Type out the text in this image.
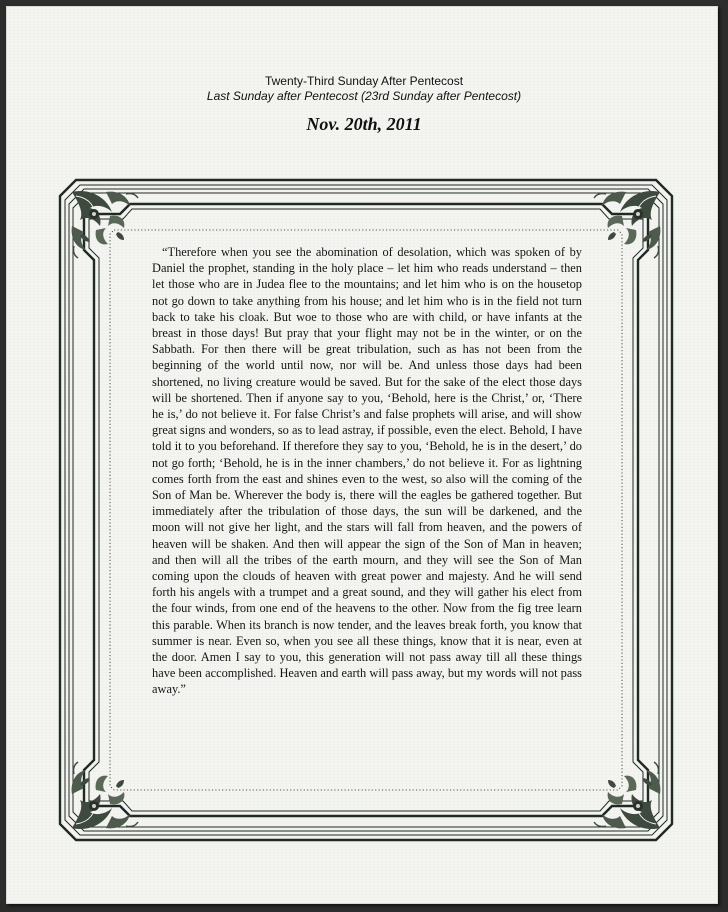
Twenty-Third Sunday After Pentecost
Last Sunday after Pentecost (23rd Sunday after Pentecost)
Nov. 20th, 2011

“Therefore when you see the abomination of desolation, which was spoken of by Daniel the prophet, standing in the holy place – let him who reads understand – then let those who are in Judea flee to the mountains; and let him who is on the housetop not go down to take anything from his house; and let him who is in the field not turn back to take his cloak. But woe to those who are with child, or have infants at the breast in those days! But pray that your flight may not be in the winter, or on the Sabbath. For then there will be great tribulation, such as has not been from the beginning of the world until now, nor will be. And unless those days had been shortened, no living creature would be saved. But for the sake of the elect those days will be shortened. Then if anyone say to you, ‘Behold, here is the Christ,’ or, ‘There he is,’ do not believe it. For false Christ’s and false prophets will arise, and will show great signs and wonders, so as to lead astray, if possible, even the elect. Behold, I have told it to you beforehand. If therefore they say to you, ‘Behold, he is in the desert,’ do not go forth; ‘Behold, he is in the inner chambers,’ do not believe it. For as lightning comes forth from the east and shines even to the west, so also will the coming of the Son of Man be. Wherever the body is, there will the eagles be gathered together. But immediately after the tribulation of those days, the sun will be darkened, and the moon will not give her light, and the stars will fall from heaven, and the powers of heaven will be shaken. And then will appear the sign of the Son of Man in heaven; and then will all the tribes of the earth mourn, and they will see the Son of Man coming upon the clouds of heaven with great power and majesty. And he will send forth his angels with a trumpet and a great sound, and they will gather his elect from the four winds, from one end of the heavens to the other. Now from the fig tree learn this parable. When its branch is now tender, and the leaves break forth, you know that summer is near. Even so, when you see all these things, know that it is near, even at the door. Amen I say to you, this generation will not pass away till all these things have been accomplished. Heaven and earth will pass away, but my words will not pass away.”
